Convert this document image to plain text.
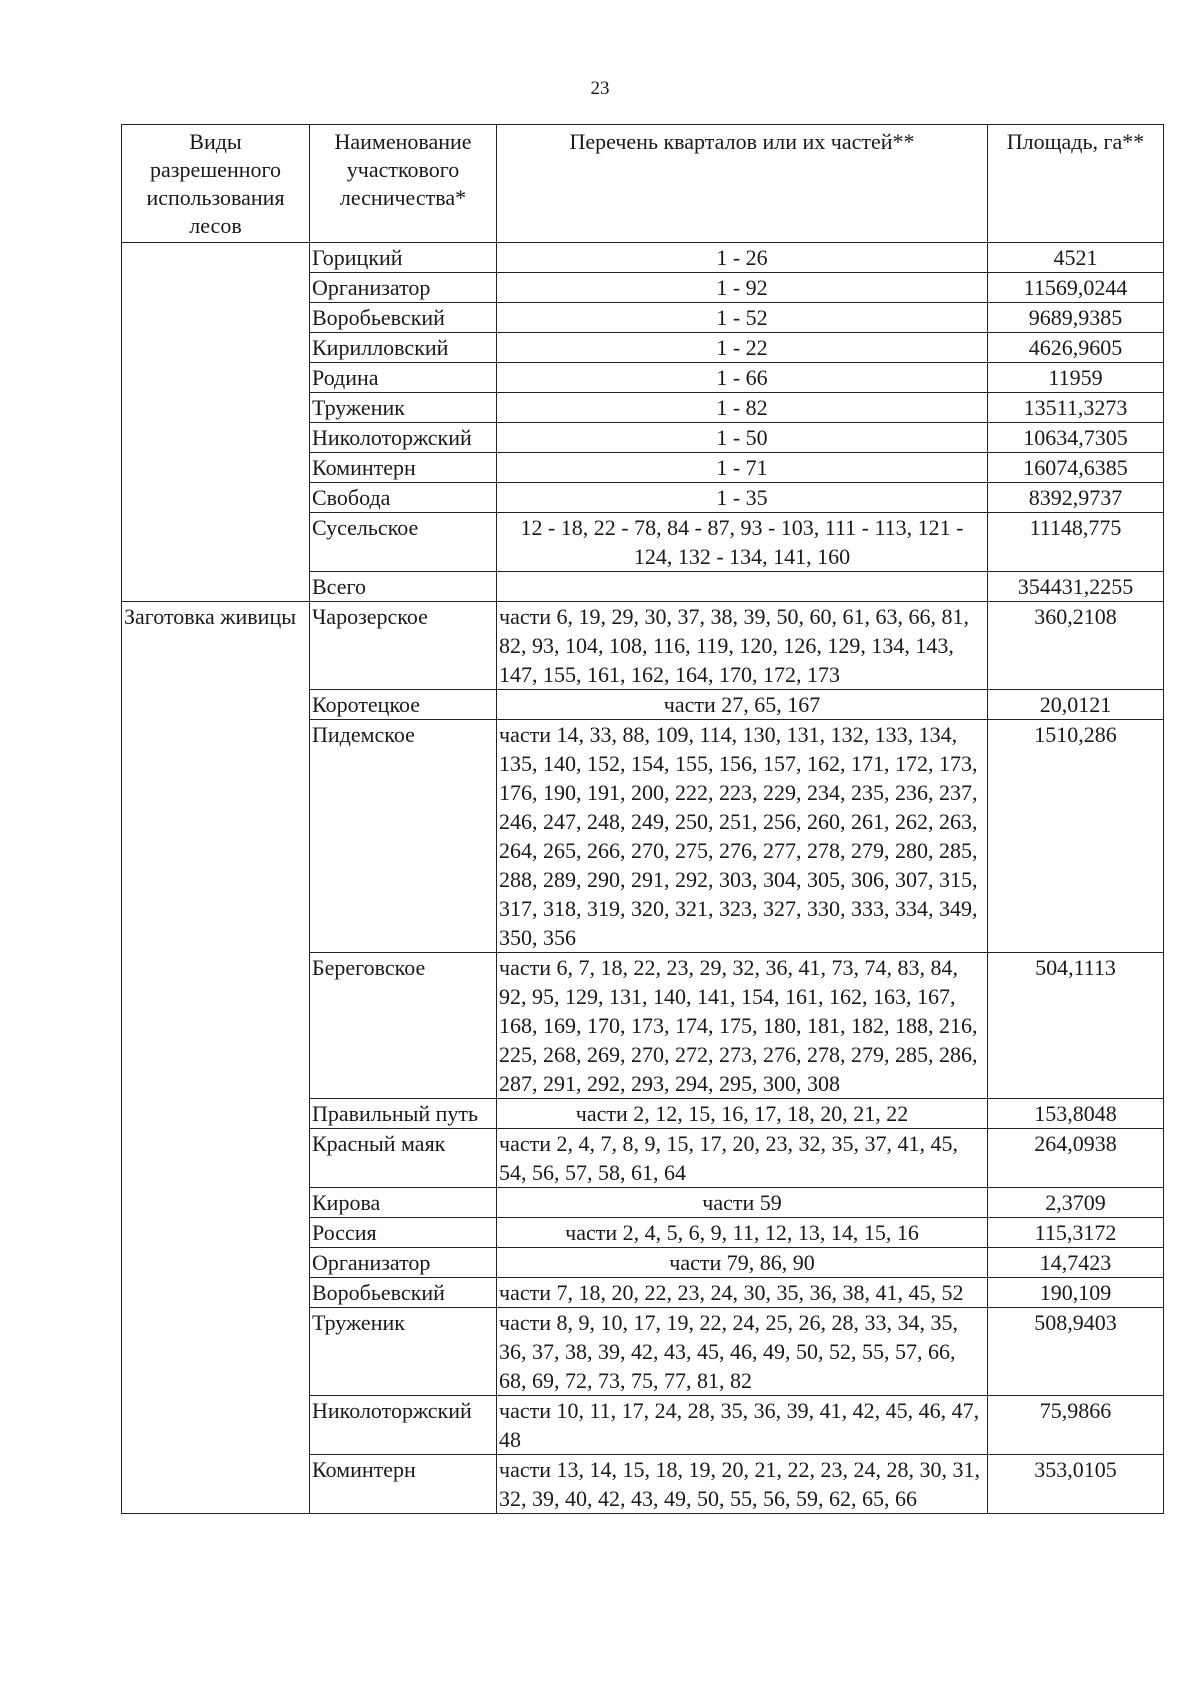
23
Виды разрешенного использования лесов	Наименование участкового лесничества*	Перечень кварталов или их частей**	Площадь, га**
	Горицкий	1 - 26	4521
	Организатор	1 - 92	11569,0244
	Воробьевский	1 - 52	9689,9385
	Кирилловский	1 - 22	4626,9605
	Родина	1 - 66	11959
	Труженик	1 - 82	13511,3273
	Николоторжский	1 - 50	10634,7305
	Коминтерн	1 - 71	16074,6385
	Свобода	1 - 35	8392,9737
	Сусельское	12 - 18, 22 - 78, 84 - 87, 93 - 103, 111 - 113, 121 - 124, 132 - 134, 141, 160	11148,775
	Всего		354431,2255
Заготовка живицы	Чарозерское	части 6, 19, 29, 30, 37, 38, 39, 50, 60, 61, 63, 66, 81, 82, 93, 104, 108, 116, 119, 120, 126, 129, 134, 143, 147, 155, 161, 162, 164, 170, 172, 173	360,2108
	Коротецкое	части 27, 65, 167	20,0121
	Пидемское	части 14, 33, 88, 109, 114, 130, 131, 132, 133, 134, 135, 140, 152, 154, 155, 156, 157, 162, 171, 172, 173, 176, 190, 191, 200, 222, 223, 229, 234, 235, 236, 237, 246, 247, 248, 249, 250, 251, 256, 260, 261, 262, 263, 264, 265, 266, 270, 275, 276, 277, 278, 279, 280, 285, 288, 289, 290, 291, 292, 303, 304, 305, 306, 307, 315, 317, 318, 319, 320, 321, 323, 327, 330, 333, 334, 349, 350, 356	1510,286
	Береговское	части 6, 7, 18, 22, 23, 29, 32, 36, 41, 73, 74, 83, 84, 92, 95, 129, 131, 140, 141, 154, 161, 162, 163, 167, 168, 169, 170, 173, 174, 175, 180, 181, 182, 188, 216, 225, 268, 269, 270, 272, 273, 276, 278, 279, 285, 286, 287, 291, 292, 293, 294, 295, 300, 308	504,1113
	Правильный путь	части 2, 12, 15, 16, 17, 18, 20, 21, 22	153,8048
	Красный маяк	части 2, 4, 7, 8, 9, 15, 17, 20, 23, 32, 35, 37, 41, 45, 54, 56, 57, 58, 61, 64	264,0938
	Кирова	части 59	2,3709
	Россия	части 2, 4, 5, 6, 9, 11, 12, 13, 14, 15, 16	115,3172
	Организатор	части 79, 86, 90	14,7423
	Воробьевский	части 7, 18, 20, 22, 23, 24, 30, 35, 36, 38, 41, 45, 52	190,109
	Труженик	части 8, 9, 10, 17, 19, 22, 24, 25, 26, 28, 33, 34, 35, 36, 37, 38, 39, 42, 43, 45, 46, 49, 50, 52, 55, 57, 66, 68, 69, 72, 73, 75, 77, 81, 82	508,9403
	Николоторжский	части 10, 11, 17, 24, 28, 35, 36, 39, 41, 42, 45, 46, 47, 48	75,9866
	Коминтерн	части 13, 14, 15, 18, 19, 20, 21, 22, 23, 24, 28, 30, 31, 32, 39, 40, 42, 43, 49, 50, 55, 56, 59, 62, 65, 66	353,0105
